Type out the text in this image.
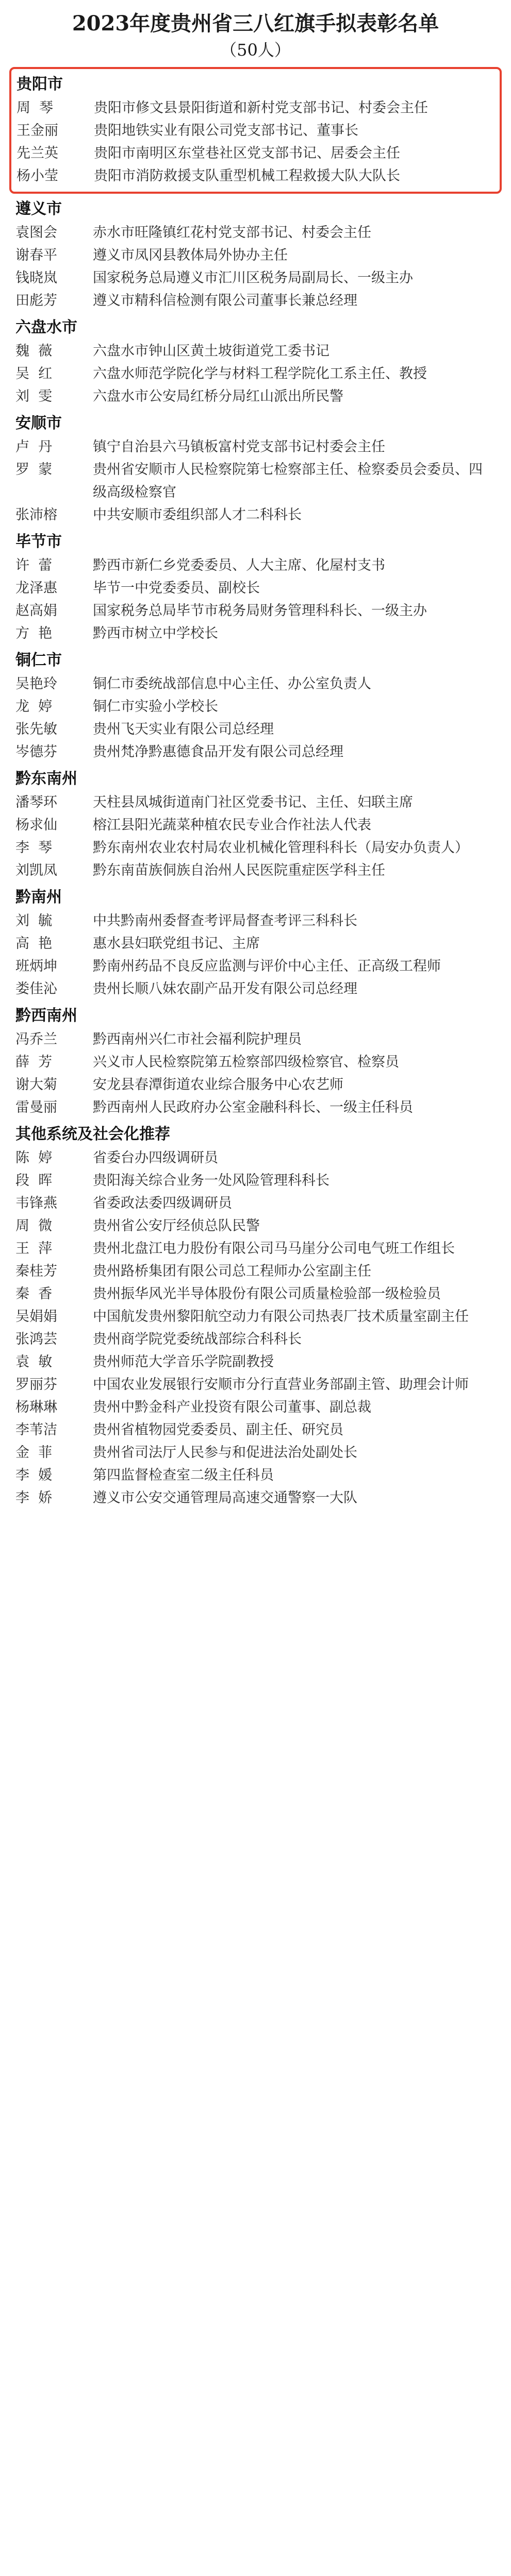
2023年度贵州省三八红旗手拟表彰名单
（50人）
贵阳市
周  琴	贵阳市修文县景阳街道和新村党支部书记、村委会主任
王金丽	贵阳地铁实业有限公司党支部书记、董事长
先兰英	贵阳市南明区东堂巷社区党支部书记、居委会主任
杨小莹	贵阳市消防救援支队重型机械工程救援大队大队长
遵义市
袁图会	赤水市旺隆镇红花村党支部书记、村委会主任
谢春平	遵义市凤冈县教体局外协办主任
钱晓岚	国家税务总局遵义市汇川区税务局副局长、一级主办
田彪芳	遵义市精科信检测有限公司董事长兼总经理
六盘水市
魏  薇	六盘水市钟山区黄土坡街道党工委书记
吴  红	六盘水师范学院化学与材料工程学院化工系主任、教授
刘  雯	六盘水市公安局红桥分局红山派出所民警
安顺市
卢  丹	镇宁自治县六马镇板富村党支部书记村委会主任
罗  蒙	贵州省安顺市人民检察院第七检察部主任、检察委员会委员、四级高级检察官
张沛榕	中共安顺市委组织部人才二科科长
毕节市
许  蕾	黔西市新仁乡党委委员、人大主席、化屋村支书
龙泽惠	毕节一中党委委员、副校长
赵高娟	国家税务总局毕节市税务局财务管理科科长、一级主办
方  艳	黔西市树立中学校长
铜仁市
吴艳玲	铜仁市委统战部信息中心主任、办公室负责人
龙  婷	铜仁市实验小学校长
张先敏	贵州飞天实业有限公司总经理
岑德芬	贵州梵净黔惠德食品开发有限公司总经理
黔东南州
潘琴环	天柱县凤城街道南门社区党委书记、主任、妇联主席
杨求仙	榕江县阳光蔬菜种植农民专业合作社法人代表
李  琴	黔东南州农业农村局农业机械化管理科科长（局安办负责人）
刘凯凤	黔东南苗族侗族自治州人民医院重症医学科主任
黔南州
刘  毓	中共黔南州委督查考评局督查考评三科科长
高  艳	惠水县妇联党组书记、主席
班炳坤	黔南州药品不良反应监测与评价中心主任、正高级工程师
娄佳沁	贵州长顺八妹农副产品开发有限公司总经理
黔西南州
冯乔兰	黔西南州兴仁市社会福利院护理员
薛  芳	兴义市人民检察院第五检察部四级检察官、检察员
谢大菊	安龙县春潭街道农业综合服务中心农艺师
雷曼丽	黔西南州人民政府办公室金融科科长、一级主任科员
其他系统及社会化推荐
陈  婷	省委台办四级调研员
段  晖	贵阳海关综合业务一处风险管理科科长
韦锋燕	省委政法委四级调研员
周  微	贵州省公安厅经侦总队民警
王  萍	贵州北盘江电力股份有限公司马马崖分公司电气班工作组长
秦桂芳	贵州路桥集团有限公司总工程师办公室副主任
秦  香	贵州振华风光半导体股份有限公司质量检验部一级检验员
吴娟娟	中国航发贵州黎阳航空动力有限公司热表厂技术质量室副主任
张鸿芸	贵州商学院党委统战部综合科科长
袁  敏	贵州师范大学音乐学院副教授
罗丽芬	中国农业发展银行安顺市分行直营业务部副主管、助理会计师
杨琳琳	贵州中黔金科产业投资有限公司董事、副总裁
李苇洁	贵州省植物园党委委员、副主任、研究员
金  菲	贵州省司法厅人民参与和促进法治处副处长
李  媛	第四监督检查室二级主任科员
李  娇	遵义市公安交通管理局高速交通警察一大队
